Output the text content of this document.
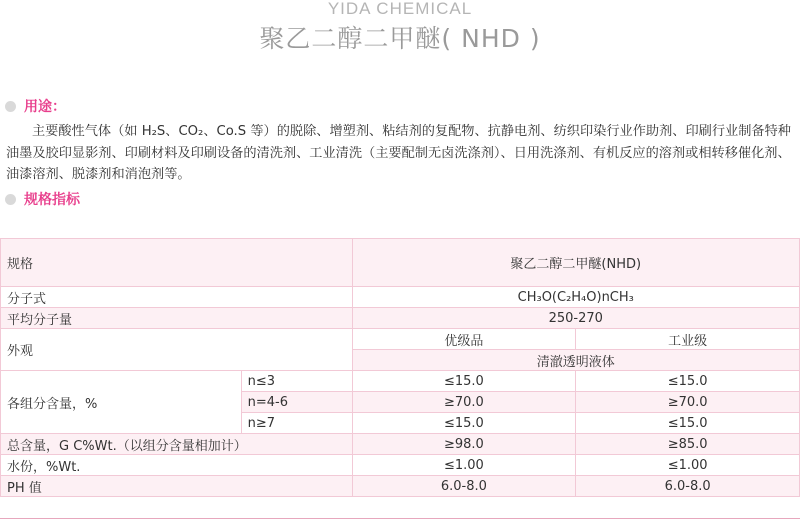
YIDA CHEMICAL
聚乙二醇二甲醚( NHD )
用途：
主要酸性气体（如 H₂S、CO₂、Co.S 等）的脱除、增塑剂、粘结剂的复配物、抗静电剂、纺织印染行业作助剂、印刷行业制备特种油墨及胶印显影剂、印刷材料及印刷设备的清洗剂、工业清洗（主要配制无卤洗涤剂）、日用洗涤剂、有机反应的溶剂或相转移催化剂、油漆溶剂、脱漆剂和消泡剂等。
规格指标
规格		聚乙二醇二甲醚(NHD)	
分子式		CH₃O(C₂H₄O)nCH₃	
平均分子量		250-270	
外观		优级品	工业级
		清澈透明液体	
各组分含量，%	n≤3	≤15.0	≤15.0
	n=4-6	≥70.0	≥70.0
	n≥7	≤15.0	≤15.0
总含量，G C%Wt.（以组分含量相加计）		≥98.0	≥85.0
水份，%Wt.		≤1.00	≤1.00
PH 值		6.0-8.0	6.0-8.0
